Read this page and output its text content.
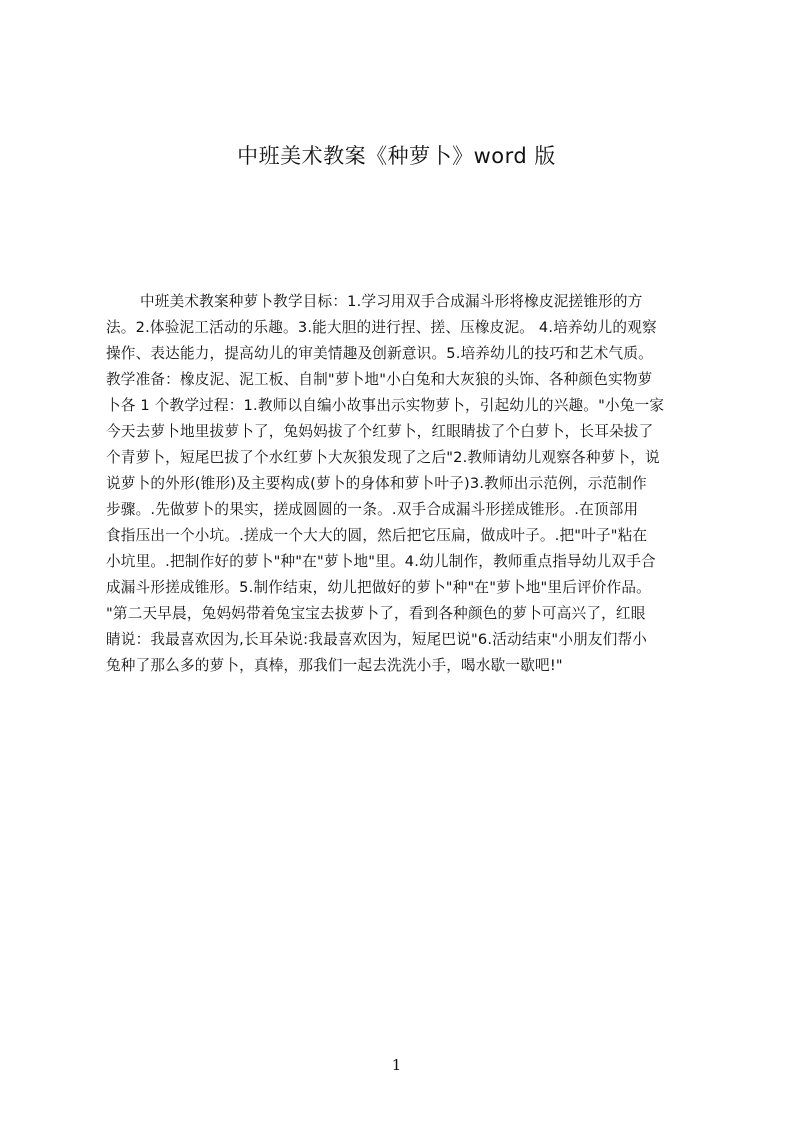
中班美术教案《种萝卜》word 版
中班美术教案种萝卜教学目标：1.学习用双手合成漏斗形将橡皮泥搓锥形的方
法。2.体验泥工活动的乐趣。3.能大胆的进行捏、搓、压橡皮泥。 4.培养幼儿的观察
操作、表达能力，提高幼儿的审美情趣及创新意识。5.培养幼儿的技巧和艺术气质。
教学准备：橡皮泥、泥工板、自制"萝卜地"小白兔和大灰狼的头饰、各种颜色实物萝
卜各 1 个教学过程：1.教师以自编小故事出示实物萝卜，引起幼儿的兴趣。"小兔一家
今天去萝卜地里拔萝卜了，兔妈妈拔了个红萝卜，红眼睛拔了个白萝卜，长耳朵拔了
个青萝卜，短尾巴拔了个水红萝卜大灰狼发现了之后"2.教师请幼儿观察各种萝卜，说
说萝卜的外形(锥形)及主要构成(萝卜的身体和萝卜叶子)3.教师出示范例，示范制作
步骤。.先做萝卜的果实，搓成圆圆的一条。.双手合成漏斗形搓成锥形。.在顶部用
食指压出一个小坑。.搓成一个大大的圆，然后把它压扁，做成叶子。.把"叶子"粘在
小坑里。.把制作好的萝卜"种"在"萝卜地"里。4.幼儿制作，教师重点指导幼儿双手合
成漏斗形搓成锥形。5.制作结束，幼儿把做好的萝卜"种"在"萝卜地"里后评价作品。
"第二天早晨，兔妈妈带着兔宝宝去拔萝卜了，看到各种颜色的萝卜可高兴了，红眼
睛说：我最喜欢因为,长耳朵说:我最喜欢因为，短尾巴说"6.活动结束"小朋友们帮小
兔种了那么多的萝卜，真棒，那我们一起去洗洗小手，喝水歇一歇吧!"
1
